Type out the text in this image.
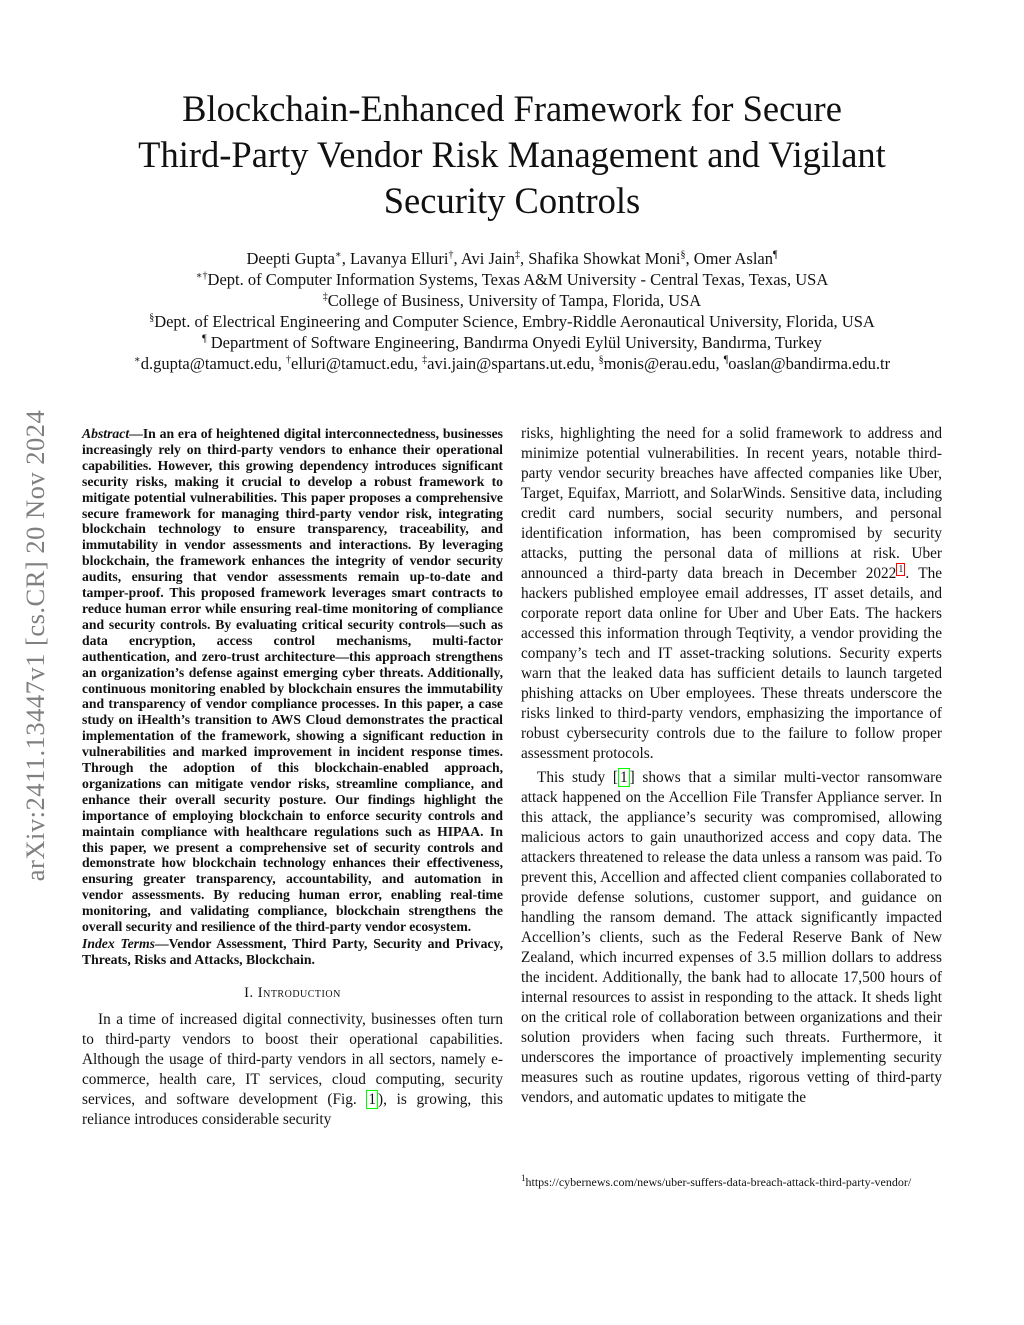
arXiv:2411.13447v1 [cs.CR] 20 Nov 2024
Blockchain-Enhanced Framework for Secure
Third-Party Vendor Risk Management and Vigilant
Security Controls
Deepti Gupta∗, Lavanya Elluri†, Avi Jain‡, Shafika Showkat Moni§, Omer Aslan¶
∗†Dept. of Computer Information Systems, Texas A&M University - Central Texas, Texas, USA
‡College of Business, University of Tampa, Florida, USA
§Dept. of Electrical Engineering and Computer Science, Embry-Riddle Aeronautical University, Florida, USA
¶ Department of Software Engineering, Bandırma Onyedi Eylül University, Bandırma, Turkey
∗d.gupta@tamuct.edu, †elluri@tamuct.edu, ‡avi.jain@spartans.ut.edu, §monis@erau.edu, ¶oaslan@bandirma.edu.tr

Abstract—In an era of heightened digital interconnectedness, businesses increasingly rely on third-party vendors to enhance their operational capabilities. However, this growing dependency introduces significant security risks, making it crucial to develop a robust framework to mitigate potential vulnerabilities. This paper proposes a comprehensive secure framework for managing third-party vendor risk, integrating blockchain technology to ensure transparency, traceability, and immutability in vendor assessments and interactions. By leveraging blockchain, the framework enhances the integrity of vendor security audits, ensuring that vendor assessments remain up-to-date and tamper-proof. This proposed framework leverages smart contracts to reduce human error while ensuring real-time monitoring of compliance and security controls. By evaluating critical security controls—such as data encryption, access control mechanisms, multi-factor authentication, and zero-trust architecture—this approach strengthens an organization’s defense against emerging cyber threats. Additionally, continuous monitoring enabled by blockchain ensures the immutability and transparency of vendor compliance processes. In this paper, a case study on iHealth’s transition to AWS Cloud demonstrates the practical implementation of the framework, showing a significant reduction in vulnerabilities and marked improvement in incident response times. Through the adoption of this blockchain-enabled approach, organizations can mitigate vendor risks, streamline compliance, and enhance their overall security posture. Our findings highlight the importance of employing blockchain to enforce security controls and maintain compliance with healthcare regulations such as HIPAA. In this paper, we present a comprehensive set of security controls and demonstrate how blockchain technology enhances their effectiveness, ensuring greater transparency, accountability, and automation in vendor assessments. By reducing human error, enabling real-time monitoring, and validating compliance, blockchain strengthens the overall security and resilience of the third-party vendor ecosystem.

Index Terms—Vendor Assessment, Third Party, Security and Privacy, Threats, Risks and Attacks, Blockchain.

I. Introduction

In a time of increased digital connectivity, businesses often turn to third-party vendors to boost their operational capabilities. Although the usage of third-party vendors in all sectors, namely e-commerce, health care, IT services, cloud computing, security services, and software development (Fig. 1 ), is growing, this reliance introduces considerable security

risks, highlighting the need for a solid framework to address and minimize potential vulnerabilities. In recent years, notable third-party vendor security breaches have affected companies like Uber, Target, Equifax, Marriott, and SolarWinds. Sensitive data, including credit card numbers, social security numbers, and personal identification information, has been compromised by security attacks, putting the personal data of millions at risk. Uber announced a third-party data breach in December 2022 $^1$ . The hackers published employee email addresses, IT asset details, and corporate report data online for Uber and Uber Eats. The hackers accessed this information through Teqtivity, a vendor providing the company’s tech and IT asset-tracking solutions. Security experts warn that the leaked data has sufficient details to launch targeted phishing attacks on Uber employees. These threats underscore the risks linked to third-party vendors, emphasizing the importance of robust cybersecurity controls due to the failure to follow proper assessment protocols.

This study [ 1 ] shows that a similar multi-vector ransomware attack happened on the Accellion File Transfer Appliance server. In this attack, the appliance’s security was compromised, allowing malicious actors to gain unauthorized access and copy data. The attackers threatened to release the data unless a ransom was paid. To prevent this, Accellion and affected client companies collaborated to provide defense solutions, customer support, and guidance on handling the ransom demand. The attack significantly impacted Accellion’s clients, such as the Federal Reserve Bank of New Zealand, which incurred expenses of 3.5 million dollars to address the incident. Additionally, the bank had to allocate 17,500 hours of internal resources to assist in responding to the attack. It sheds light on the critical role of collaboration between organizations and their solution providers when facing such threats. Furthermore, it underscores the importance of proactively implementing security measures such as routine updates, rigorous vetting of third-party vendors, and automatic updates to mitigate the

$^1$https://cybernews.com/news/uber-suffers-data-breach-attack-third-party-vendor/
